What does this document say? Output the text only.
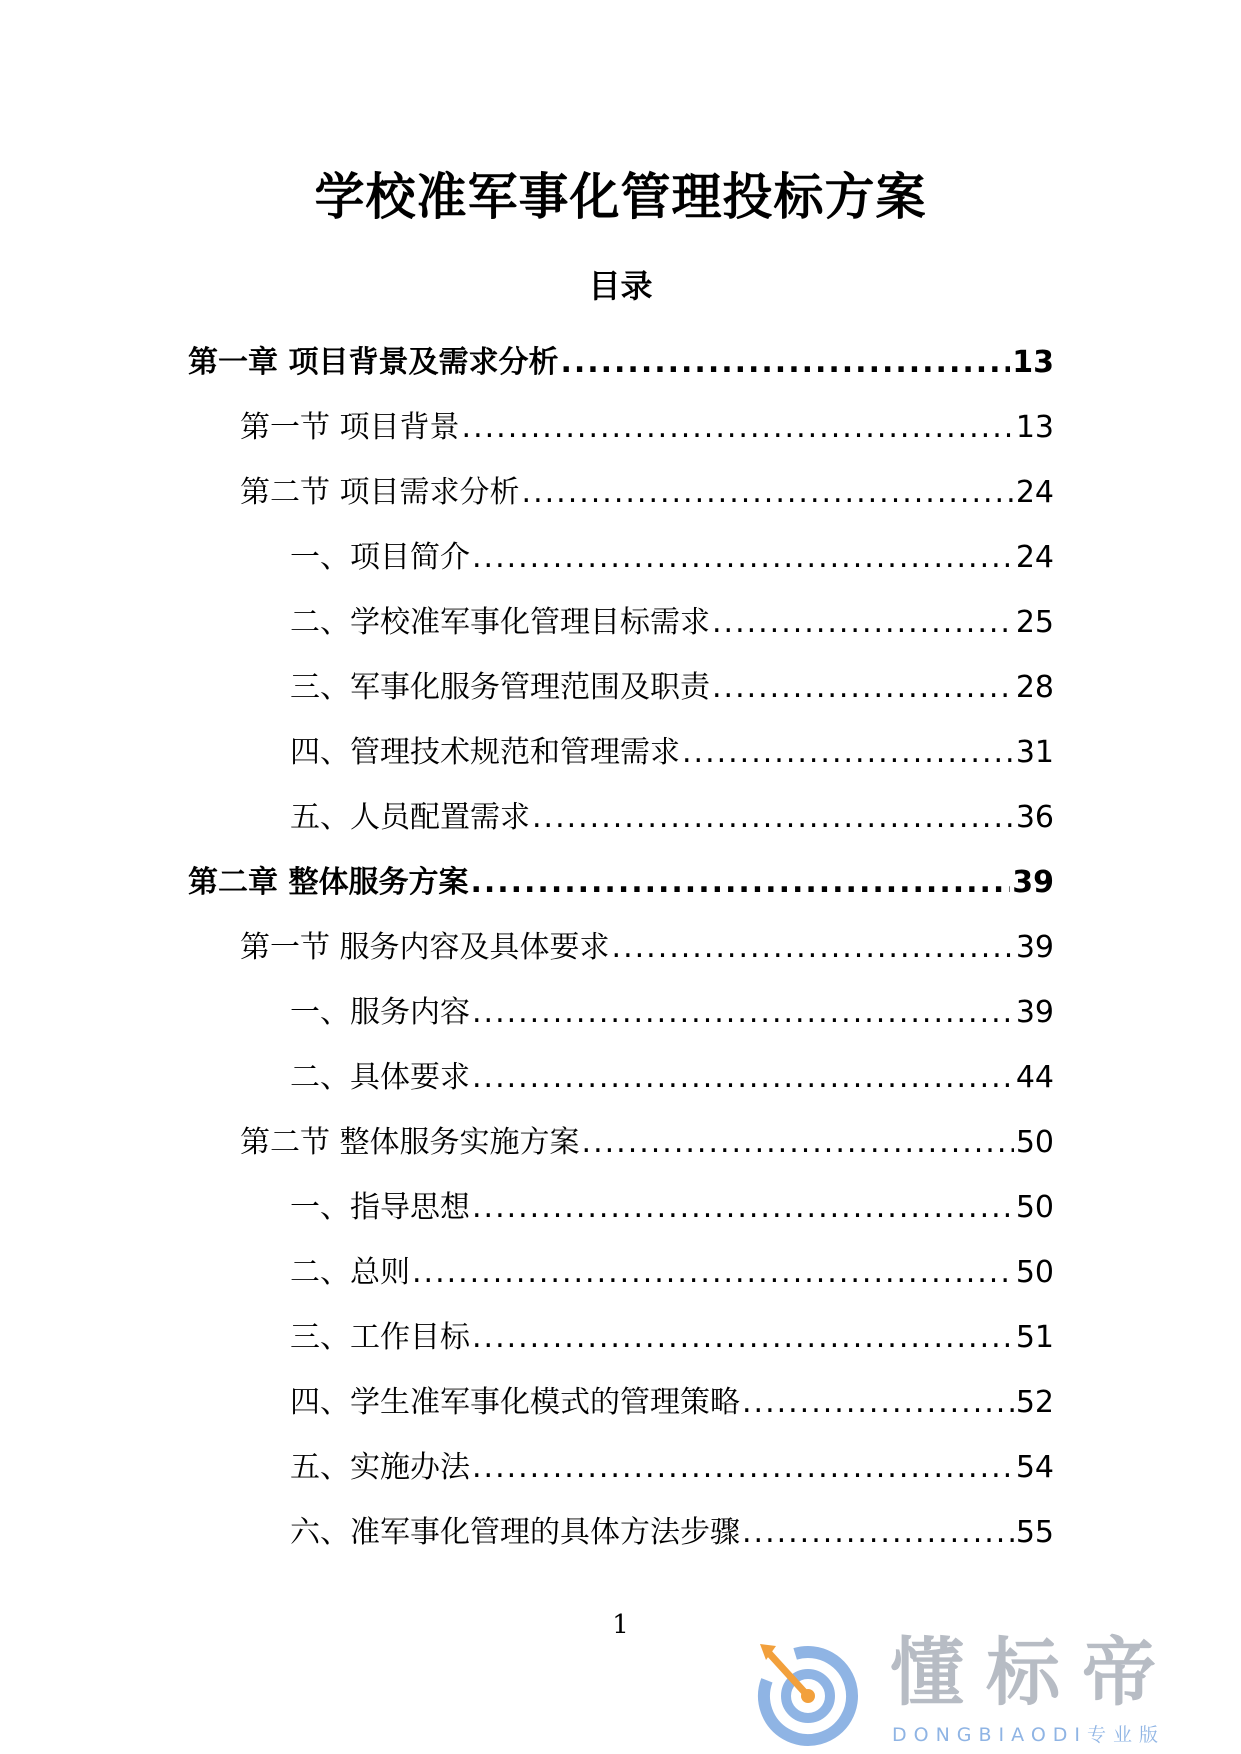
学校准军事化管理投标方案
目录
第一章 项目背景及需求分析 .....	13
第一节 项目背景 .....	13
第二节 项目需求分析 .....	24
一、项目简介 .....	24
二、学校准军事化管理目标需求 .....	25
三、军事化服务管理范围及职责 .....	28
四、管理技术规范和管理需求 .....	31
五、人员配置需求 .....	36
第二章 整体服务方案 .....	39
第一节 服务内容及具体要求 .....	39
一、服务内容 .....	39
二、具体要求 .....	44
第二节 整体服务实施方案 .....	50
一、指导思想 .....	50
二、总则 .....	50
三、工作目标 .....	51
四、学生准军事化模式的管理策略 .....	52
五、实施办法 .....	54
六、准军事化管理的具体方法步骤 .....	55
1
懂标帝
DONGBIAODI专业版
